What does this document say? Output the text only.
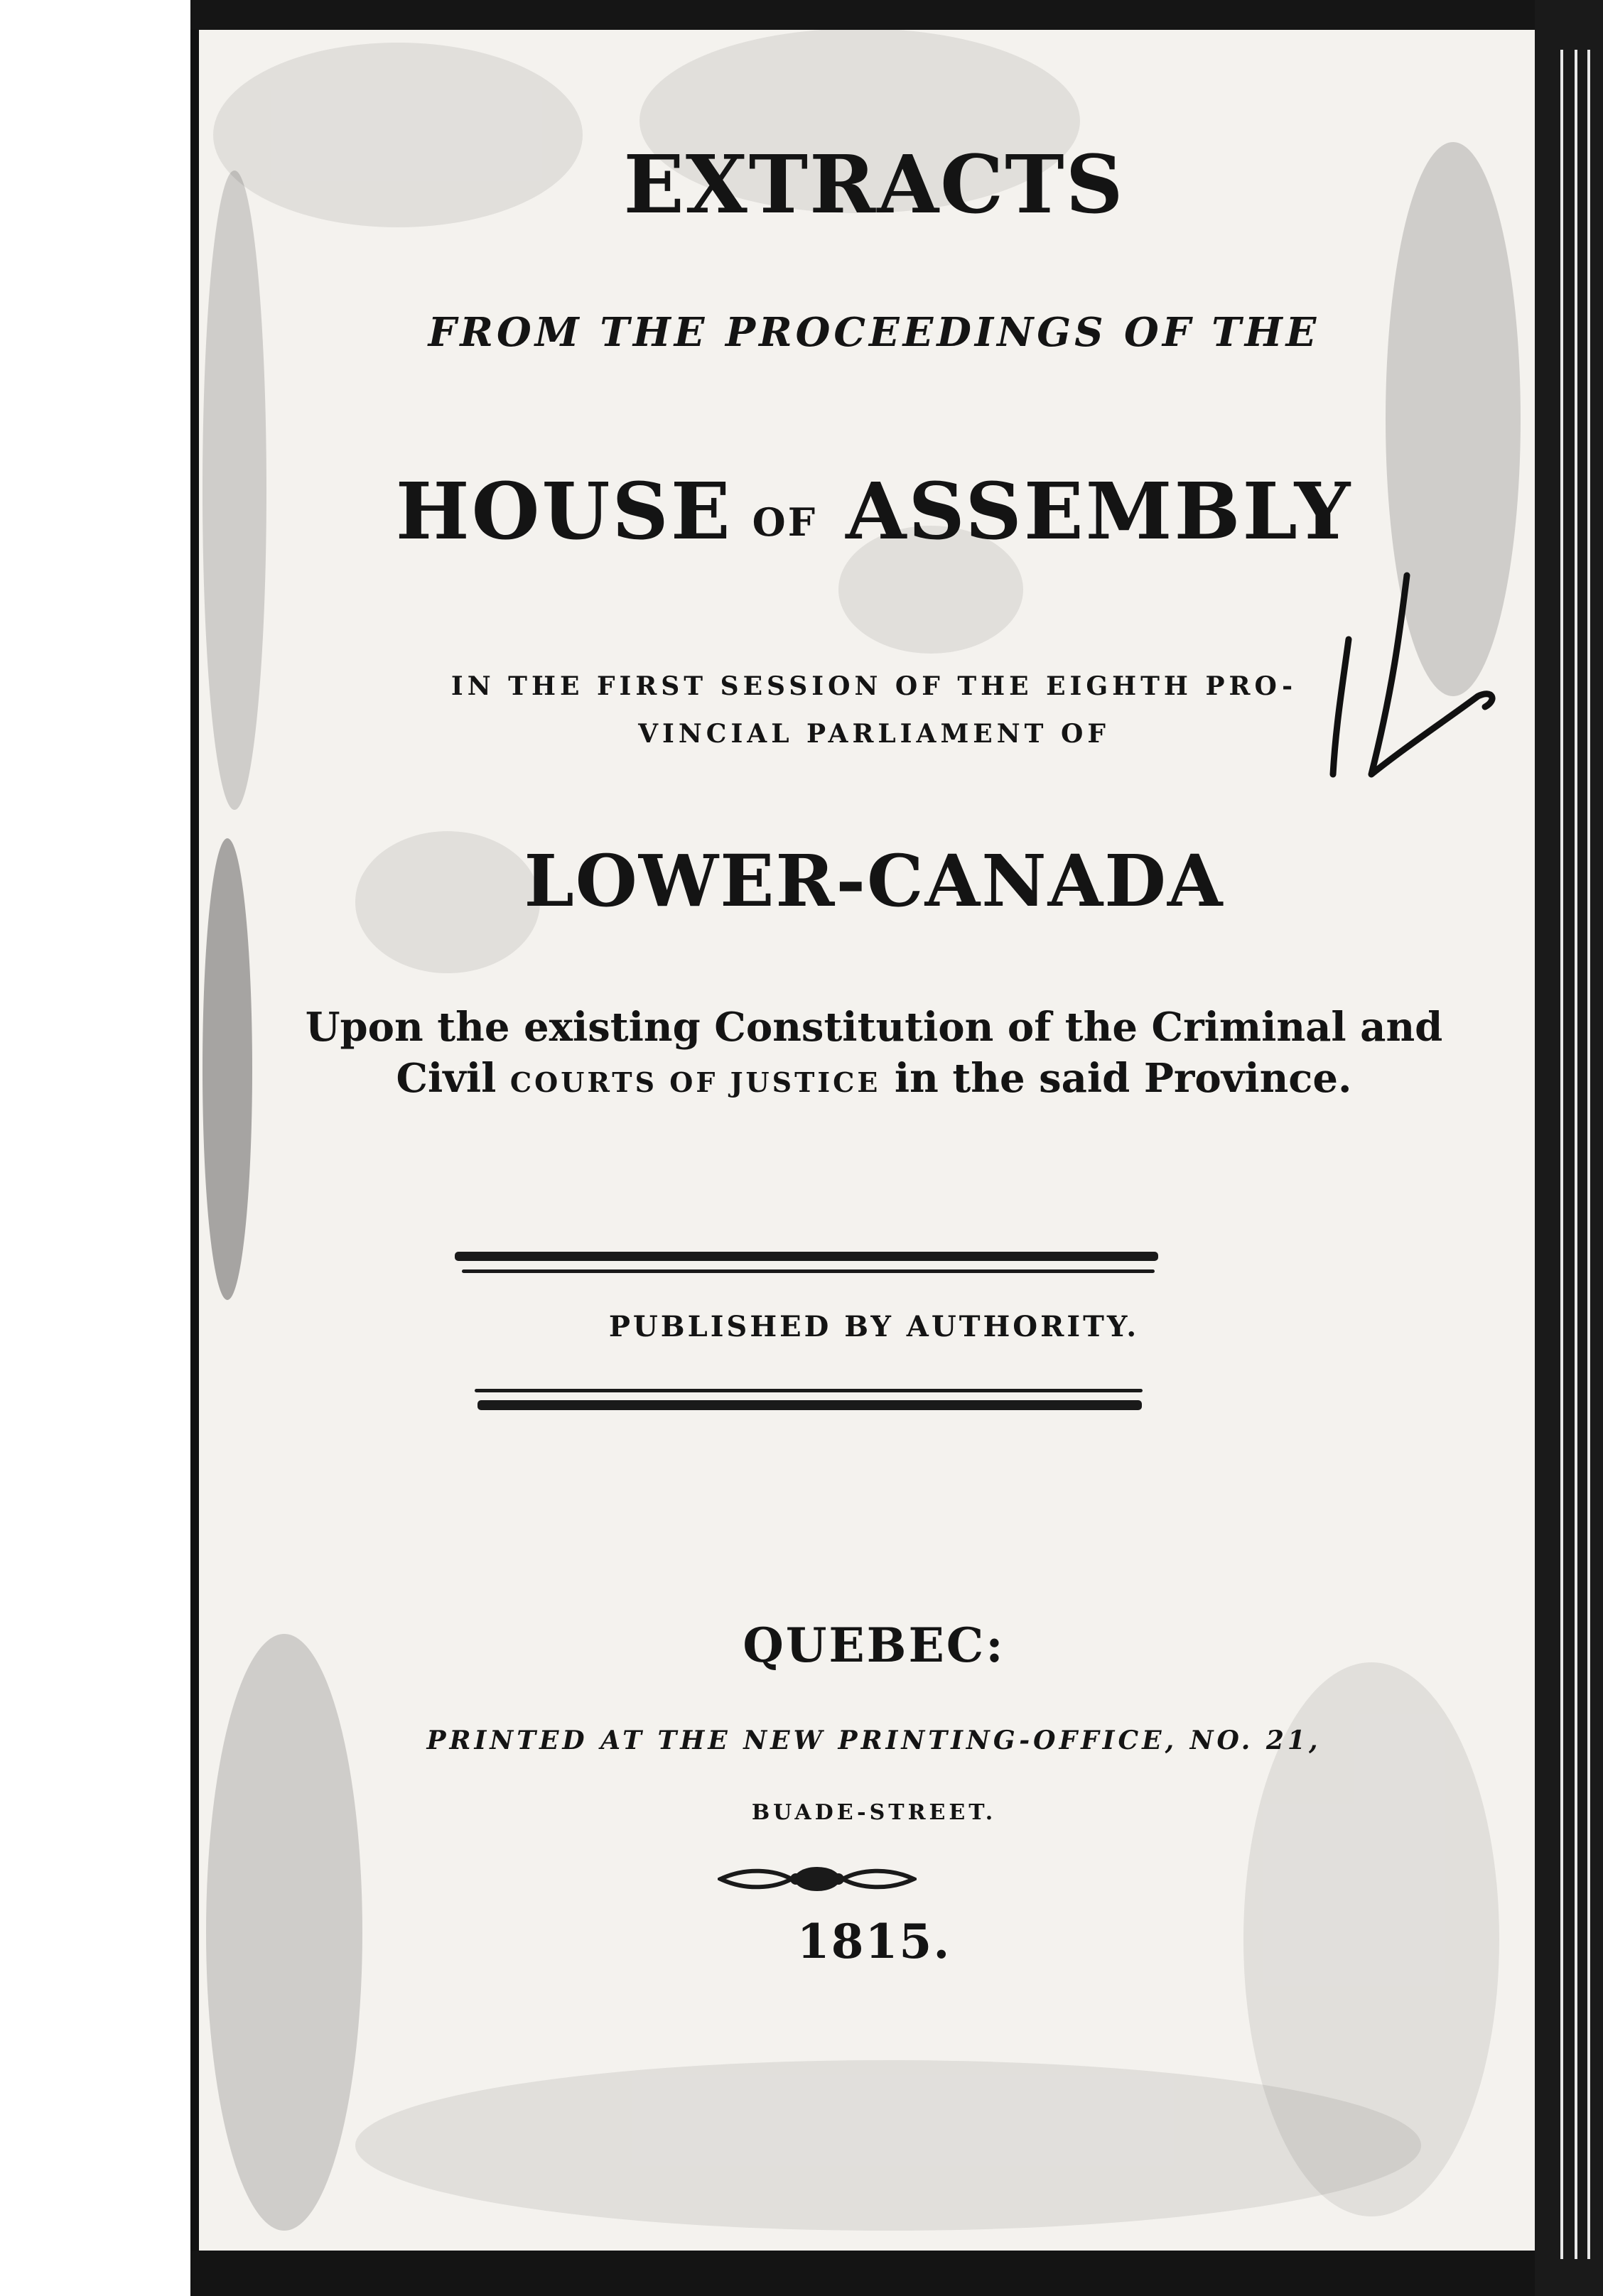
EXTRACTS

FROM THE PROCEEDINGS OF THE

HOUSE OF ASSEMBLY

IN THE FIRST SESSION OF THE EIGHTH PRO-

VINCIAL PARLIAMENT OF

LOWER-CANADA

Upon the existing Constitution of the Criminal and

Civil COURTS OF JUSTICE in the said Province.

PUBLISHED BY AUTHORITY.

QUEBEC:

PRINTED AT THE NEW PRINTING-OFFICE, NO. 21,

BUADE-STREET.

1815.
